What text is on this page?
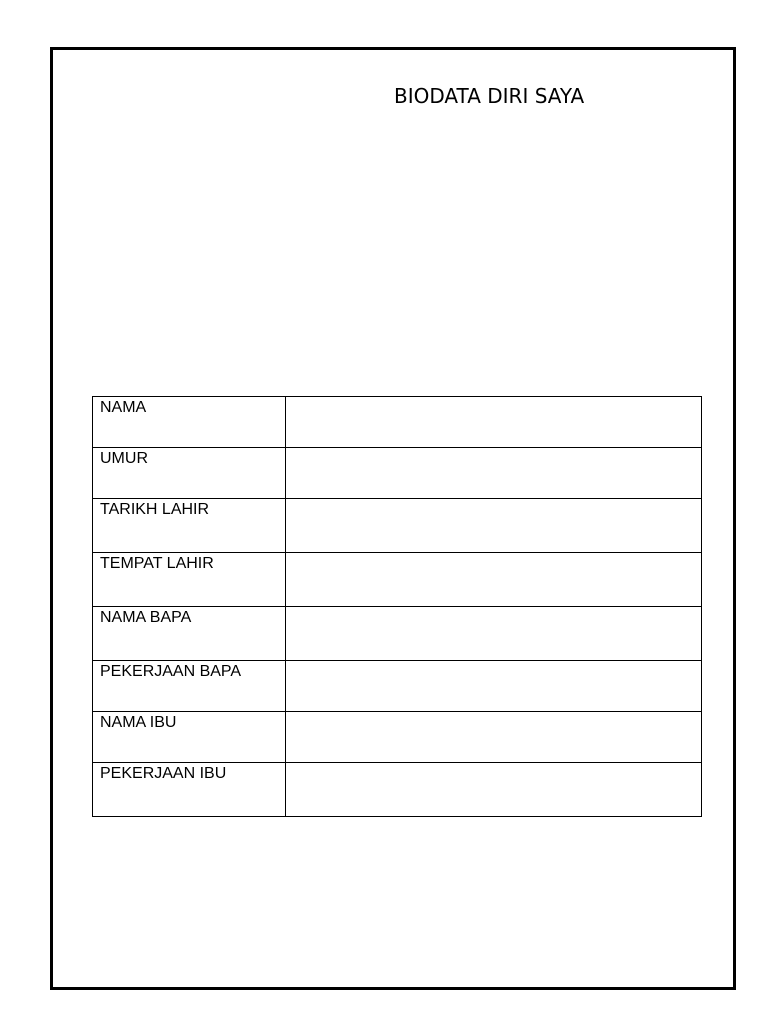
BIODATA DIRI SAYA
NAMA	
UMUR	
TARIKH LAHIR	
TEMPAT LAHIR	
NAMA BAPA	
PEKERJAAN BAPA	
NAMA IBU	
PEKERJAAN IBU	
